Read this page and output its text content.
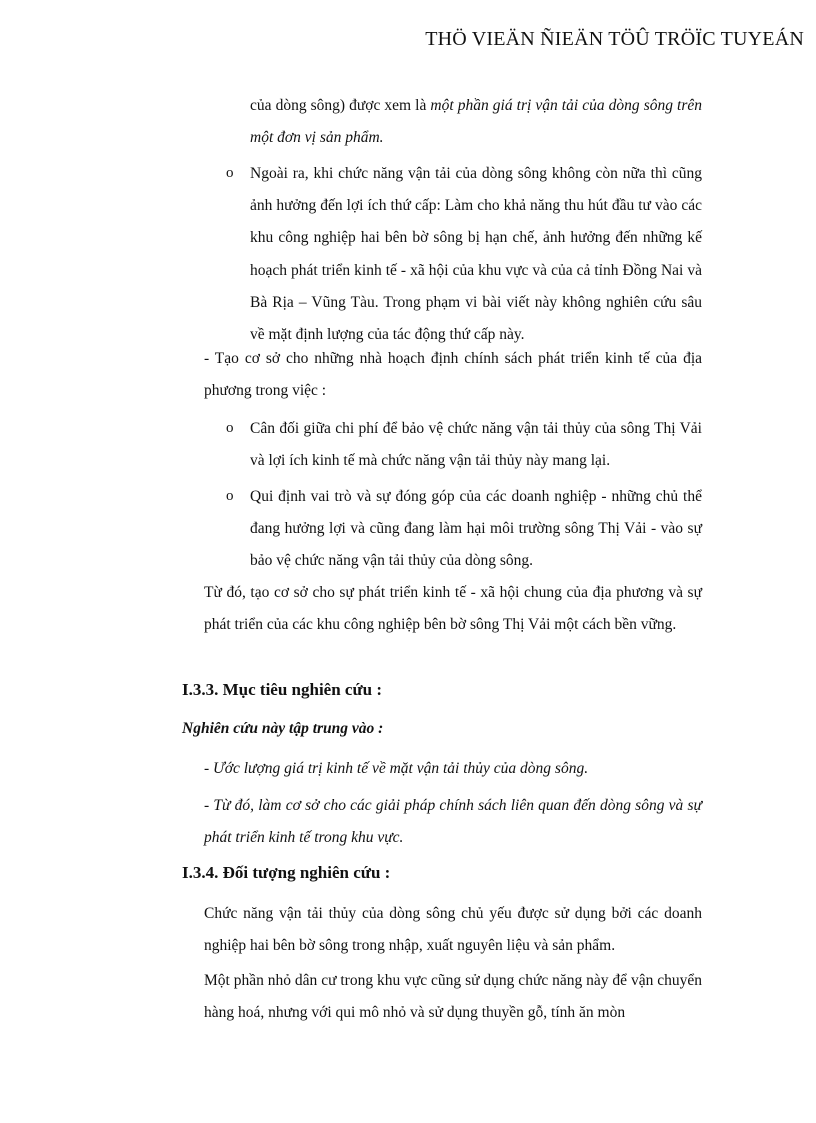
THÖ VIEÄN ÑIEÄN TÖÛ TRÖÏC TUYEÁN

của dòng sông) được xem là một phần giá trị vận tải của dòng sông trên một đơn vị sản phẩm.

o Ngoài ra, khi chức năng vận tải của dòng sông không còn nữa thì cũng ảnh hưởng đến lợi ích thứ cấp: Làm cho khả năng thu hút đầu tư vào các khu công nghiệp hai bên bờ sông bị hạn chế, ảnh hưởng đến những kế hoạch phát triển kinh tế - xã hội của khu vực và của cả tỉnh Đồng Nai và Bà Rịa – Vũng Tàu. Trong phạm vi bài viết này không nghiên cứu sâu về mặt định lượng của tác động thứ cấp này.

- Tạo cơ sở cho những nhà hoạch định chính sách phát triển kinh tế của địa phương trong việc :

o Cân đối giữa chi phí để bảo vệ chức năng vận tải thủy của sông Thị Vải và lợi ích kinh tế mà chức năng vận tải thủy này mang lại.

o Qui định vai trò và sự đóng góp của các doanh nghiệp - những chủ thể đang hưởng lợi và cũng đang làm hại môi trường sông Thị Vải - vào sự bảo vệ chức năng vận tải thủy của dòng sông.

Từ đó, tạo cơ sở cho sự phát triển kinh tế - xã hội chung của địa phương và sự phát triển của các khu công nghiệp bên bờ sông Thị Vải một cách bền vững.

I.3.3. Mục tiêu nghiên cứu :

Nghiên cứu này tập trung vào :

- Ước lượng giá trị kinh tế về mặt vận tải thủy của dòng sông.

- Từ đó, làm cơ sở cho các giải pháp chính sách liên quan đến dòng sông và sự phát triển kinh tế trong khu vực.

I.3.4. Đối tượng nghiên cứu :

Chức năng vận tải thủy của dòng sông chủ yếu được sử dụng bởi các doanh nghiệp hai bên bờ sông trong nhập, xuất nguyên liệu và sản phẩm.

Một phần nhỏ dân cư trong khu vực cũng sử dụng chức năng này để vận chuyển hàng hoá, nhưng với qui mô nhỏ và sử dụng thuyền gỗ, tính ăn mòn
